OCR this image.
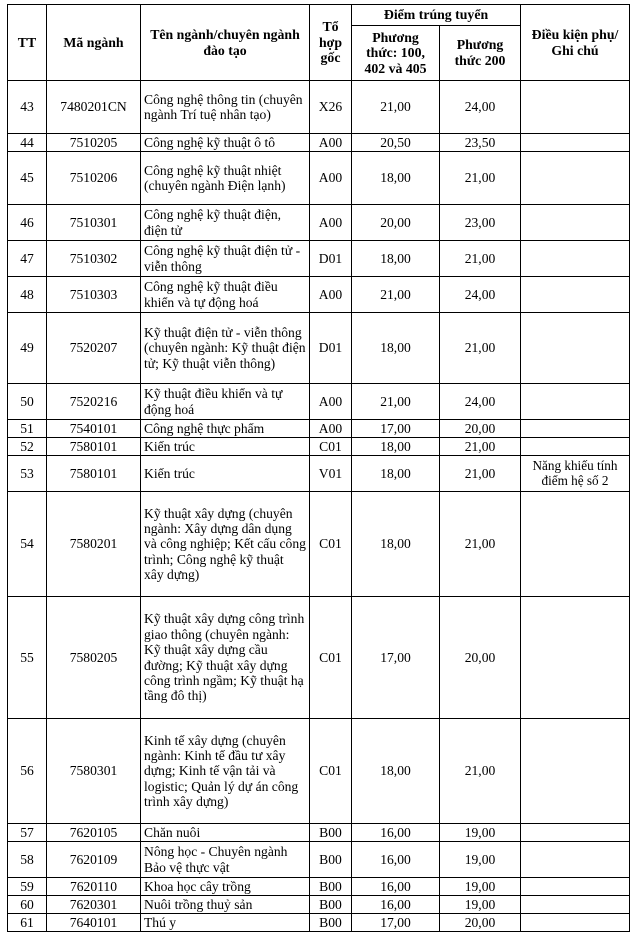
TT	Mã ngành	Tên ngành/chuyên ngành đào tạo	Tổ hợp gốc	Điểm trúng tuyển		Điều kiện phụ/ Ghi chú
				Phương thức: 100, 402 và 405	Phương thức 200	
43	7480201CN	Công nghệ thông tin (chuyên ngành Trí tuệ nhân tạo)	X26	21,00	24,00	
44	7510205	Công nghệ kỹ thuật ô tô	A00	20,50	23,50	
45	7510206	Công nghệ kỹ thuật nhiệt (chuyên ngành Điện lạnh)	A00	18,00	21,00	
46	7510301	Công nghệ kỹ thuật điện, điện tử	A00	20,00	23,00	
47	7510302	Công nghệ kỹ thuật điện tử - viễn thông	D01	18,00	21,00	
48	7510303	Công nghệ kỹ thuật điều khiển và tự động hoá	A00	21,00	24,00	
49	7520207	Kỹ thuật điện tử - viễn thông (chuyên ngành: Kỹ thuật điện tử; Kỹ thuật viễn thông)	D01	18,00	21,00	
50	7520216	Kỹ thuật điều khiển và tự động hoá	A00	21,00	24,00	
51	7540101	Công nghệ thực phẩm	A00	17,00	20,00	
52	7580101	Kiến trúc	C01	18,00	21,00	
53	7580101	Kiến trúc	V01	18,00	21,00	Năng khiếu tính điểm hệ số 2
54	7580201	Kỹ thuật xây dựng (chuyên ngành: Xây dựng dân dụng và công nghiệp; Kết cấu công trình; Công nghệ kỹ thuật xây dựng)	C01	18,00	21,00	
55	7580205	Kỹ thuật xây dựng công trình giao thông (chuyên ngành: Kỹ thuật xây dựng cầu đường; Kỹ thuật xây dựng công trình ngầm; Kỹ thuật hạ tầng đô thị)	C01	17,00	20,00	
56	7580301	Kinh tế xây dựng (chuyên ngành: Kinh tế đầu tư xây dựng; Kinh tế vận tải và logistic; Quản lý dự án công trình xây dựng)	C01	18,00	21,00	
57	7620105	Chăn nuôi	B00	16,00	19,00	
58	7620109	Nông học - Chuyên ngành Bảo vệ thực vật	B00	16,00	19,00	
59	7620110	Khoa học cây trồng	B00	16,00	19,00	
60	7620301	Nuôi trồng thuỷ sản	B00	16,00	19,00	
61	7640101	Thú y	B00	17,00	20,00	
